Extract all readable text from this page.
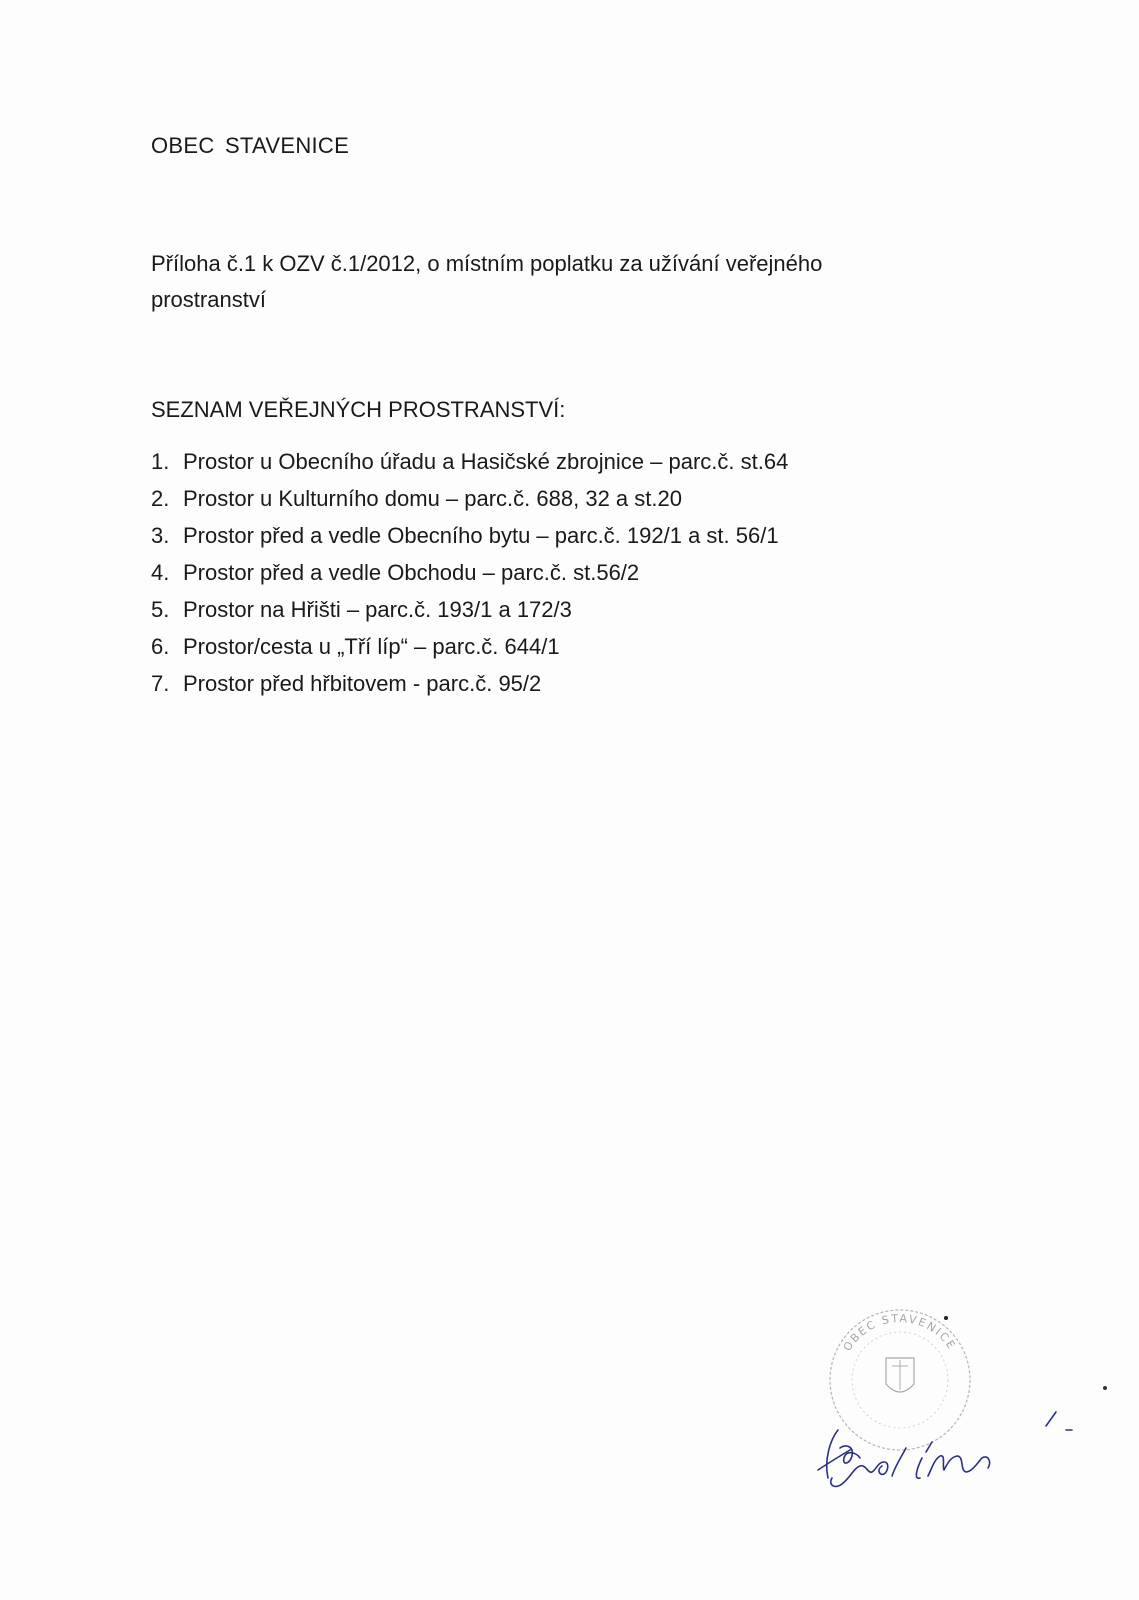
OBEC STAVENICE
Příloha č.1 k OZV č.1/2012, o místním poplatku za užívání veřejného
prostranství
SEZNAM VEŘEJNÝCH PROSTRANSTVÍ:
1. Prostor u Obecního úřadu a Hasičské zbrojnice – parc.č. st.64
2. Prostor u Kulturního domu – parc.č. 688, 32 a st.20
3. Prostor před a vedle Obecního bytu – parc.č. 192/1 a st. 56/1
4. Prostor před a vedle Obchodu – parc.č. st.56/2
5. Prostor na Hřišti – parc.č. 193/1 a 172/3
6. Prostor/cesta u „Tří líp“ – parc.č. 644/1
7. Prostor před hřbitovem - parc.č. 95/2
OBEC STAVENICE
